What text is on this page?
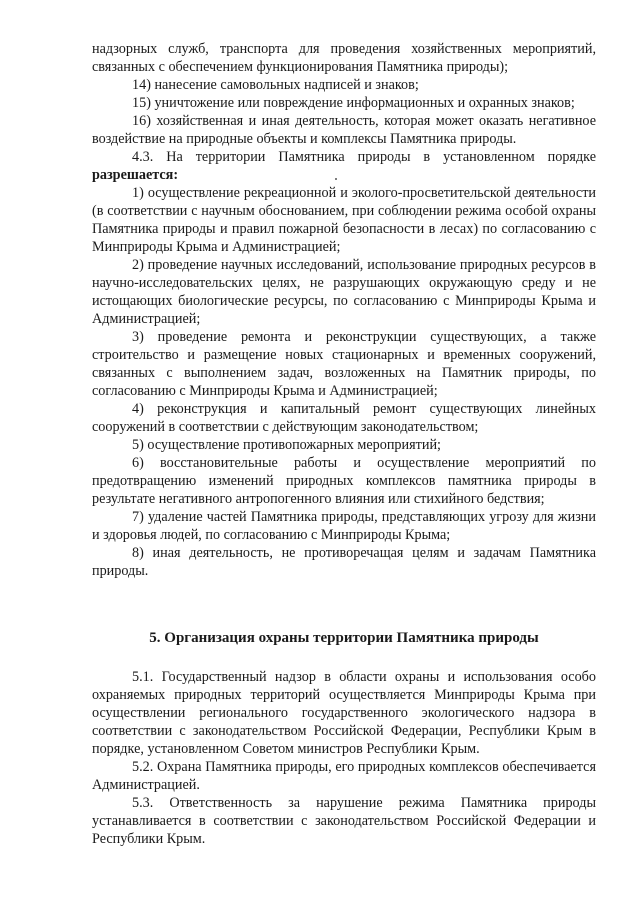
надзорных служб, транспорта для проведения хозяйственных мероприятий, связанных с обеспечением функционирования Памятника природы);

14) нанесение самовольных надписей и знаков;

15) уничтожение или повреждение информационных и охранных знаков;

16) хозяйственная и иная деятельность, которая может оказать негативное воздействие на природные объекты и комплексы Памятника природы.

4.3. На территории Памятника природы в установленном порядке разрешается:

1) осуществление рекреационной и эколого-просветительской деятельности (в соответствии с научным обоснованием, при соблюдении режима особой охраны Памятника природы и правил пожарной безопасности в лесах) по согласованию с Минприроды Крыма и Администрацией;

2) проведение научных исследований, использование природных ресурсов в научно-исследовательских целях, не разрушающих окружающую среду и не истощающих биологические ресурсы, по согласованию с Минприроды Крыма и Администрацией;

3) проведение ремонта и реконструкции существующих, а также строительство и размещение новых стационарных и временных сооружений, связанных с выполнением задач, возложенных на Памятник природы, по согласованию с Минприроды Крыма и Администрацией;

4) реконструкция и капитальный ремонт существующих линейных сооружений в соответствии с действующим законодательством;

5) осуществление противопожарных мероприятий;

6) восстановительные работы и осуществление мероприятий по предотвращению изменений природных комплексов памятника природы в результате негативного антропогенного влияния или стихийного бедствия;

7) удаление частей Памятника природы, представляющих угрозу для жизни и здоровья людей, по согласованию с Минприроды Крыма;

8) иная деятельность, не противоречащая целям и задачам Памятника природы.

5. Организация охраны территории Памятника природы

5.1. Государственный надзор в области охраны и использования особо охраняемых природных территорий осуществляется Минприроды Крыма при осуществлении регионального государственного экологического надзора в соответствии с законодательством Российской Федерации, Республики Крым в порядке, установленном Советом министров Республики Крым.

5.2. Охрана Памятника природы, его природных комплексов обеспечивается Администрацией.

5.3. Ответственность за нарушение режима Памятника природы устанавливается в соответствии с законодательством Российской Федерации и Республики Крым.
